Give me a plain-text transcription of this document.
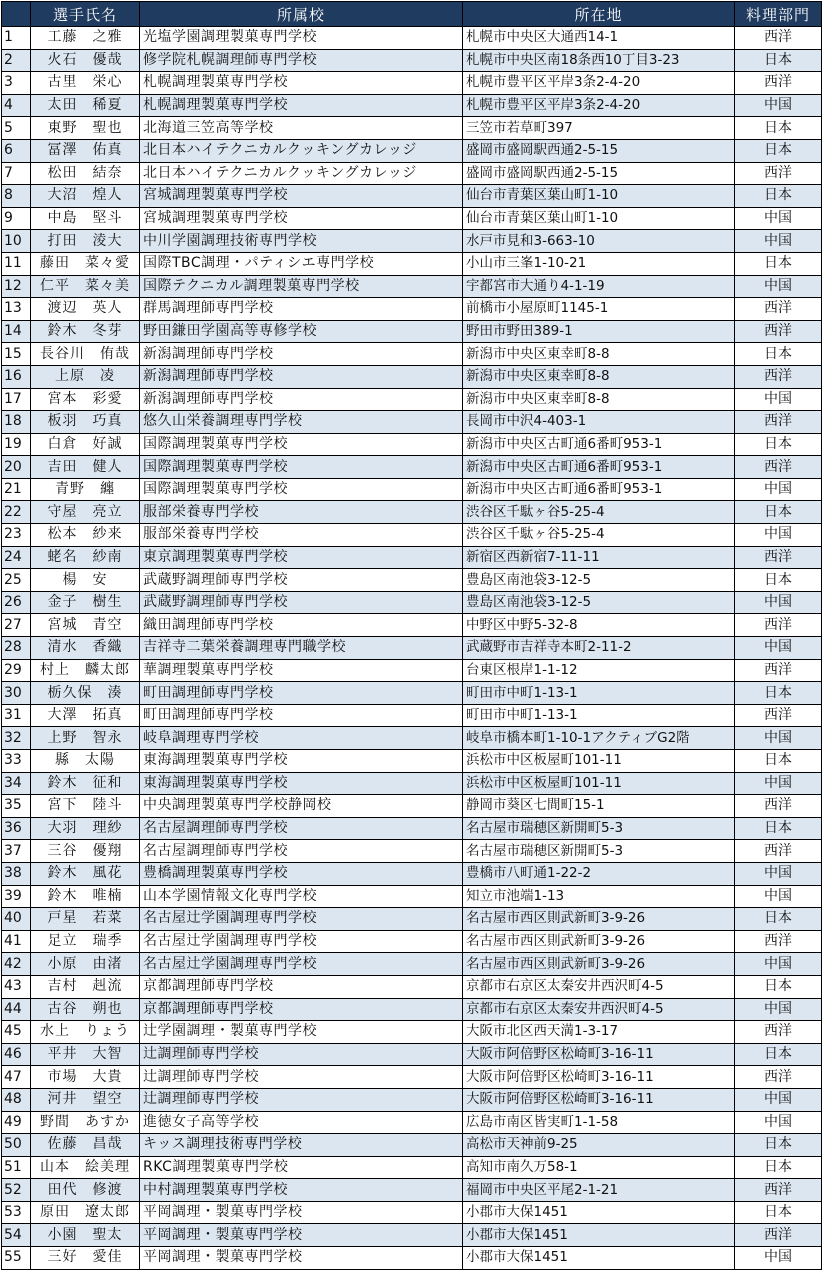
	選手氏名	所属校	所在地	料理部門
1	工藤　之雅	光塩学園調理製菓専門学校	札幌市中央区大通西14-1	西洋
2	火石　優哉	修学院札幌調理師専門学校	札幌市中央区南18条西10丁目3-23	日本
3	古里　栄心	札幌調理製菓専門学校	札幌市豊平区平岸3条2-4-20	西洋
4	太田　稀夏	札幌調理製菓専門学校	札幌市豊平区平岸3条2-4-20	中国
5	東野　聖也	北海道三笠高等学校	三笠市若草町397	日本
6	冨澤　佑真	北日本ハイテクニカルクッキングカレッジ	盛岡市盛岡駅西通2-5-15	日本
7	松田　結奈	北日本ハイテクニカルクッキングカレッジ	盛岡市盛岡駅西通2-5-15	西洋
8	大沼　煌人	宮城調理製菓専門学校	仙台市青葉区葉山町1-10	日本
9	中島　堅斗	宮城調理製菓専門学校	仙台市青葉区葉山町1-10	中国
10	打田　淩大	中川学園調理技術専門学校	水戸市見和3-663-10	中国
11	藤田　菜々愛	国際TBC調理・パティシエ専門学校	小山市三峯1-10-21	日本
12	仁平　菜々美	国際テクニカル調理製菓専門学校	宇都宮市大通り4-1-19	中国
13	渡辺　英人	群馬調理師専門学校	前橋市小屋原町1145-1	西洋
14	鈴木　冬芽	野田鎌田学園高等専修学校	野田市野田389-1	西洋
15	長谷川　侑哉	新潟調理師専門学校	新潟市中央区東幸町8-8	日本
16	上原　凌	新潟調理師専門学校	新潟市中央区東幸町8-8	西洋
17	宮本　彩愛	新潟調理師専門学校	新潟市中央区東幸町8-8	中国
18	板羽　巧真	悠久山栄養調理専門学校	長岡市中沢4-403-1	西洋
19	白倉　好誠	国際調理製菓専門学校	新潟市中央区古町通6番町953-1	日本
20	吉田　健人	国際調理製菓専門学校	新潟市中央区古町通6番町953-1	西洋
21	青野　纏	国際調理製菓専門学校	新潟市中央区古町通6番町953-1	中国
22	守屋　亮立	服部栄養専門学校	渋谷区千駄ヶ谷5-25-4	日本
23	松本　紗来	服部栄養専門学校	渋谷区千駄ヶ谷5-25-4	中国
24	蛯名　紗南	東京調理製菓専門学校	新宿区西新宿7-11-11	西洋
25	楊　安	武蔵野調理師専門学校	豊島区南池袋3-12-5	日本
26	金子　樹生	武蔵野調理師専門学校	豊島区南池袋3-12-5	中国
27	宮城　青空	織田調理師専門学校	中野区中野5-32-8	西洋
28	清水　香織	吉祥寺二葉栄養調理専門職学校	武蔵野市吉祥寺本町2-11-2	中国
29	村上　麟太郎	華調理製菓専門学校	台東区根岸1-1-12	西洋
30	栃久保　湊	町田調理師専門学校	町田市中町1-13-1	日本
31	大澤　拓真	町田調理師専門学校	町田市中町1-13-1	西洋
32	上野　智永	岐阜調理専門学校	岐阜市橋本町1-10-1アクティブG2階	中国
33	縣　太陽	東海調理製菓専門学校	浜松市中区板屋町101-11	日本
34	鈴木　征和	東海調理製菓専門学校	浜松市中区板屋町101-11	中国
35	宮下　陸斗	中央調理製菓専門学校静岡校	静岡市葵区七間町15-1	西洋
36	大羽　理紗	名古屋調理師専門学校	名古屋市瑞穂区新開町5-3	日本
37	三谷　優翔	名古屋調理師専門学校	名古屋市瑞穂区新開町5-3	西洋
38	鈴木　風花	豊橋調理製菓専門学校	豊橋市八町通1-22-2	中国
39	鈴木　唯楠	山本学園情報文化専門学校	知立市池端1-13	中国
40	戸星　若菜	名古屋辻学園調理専門学校	名古屋市西区則武新町3-9-26	日本
41	足立　瑞季	名古屋辻学園調理専門学校	名古屋市西区則武新町3-9-26	西洋
42	小原　由渚	名古屋辻学園調理専門学校	名古屋市西区則武新町3-9-26	中国
43	吉村　赳流	京都調理師専門学校	京都市右京区太秦安井西沢町4-5	日本
44	古谷　朔也	京都調理師専門学校	京都市右京区太秦安井西沢町4-5	中国
45	水上　りょう	辻学園調理・製菓専門学校	大阪市北区西天満1-3-17	西洋
46	平井　大智	辻調理師専門学校	大阪市阿倍野区松崎町3-16-11	日本
47	市場　大貴	辻調理師専門学校	大阪市阿倍野区松崎町3-16-11	西洋
48	河井　望空	辻調理師専門学校	大阪市阿倍野区松崎町3-16-11	中国
49	野間　あすか	進徳女子高等学校	広島市南区皆実町1-1-58	中国
50	佐藤　昌哉	キッス調理技術専門学校	高松市天神前9-25	日本
51	山本　絵美理	RKC調理製菓専門学校	高知市南久万58-1	日本
52	田代　修渡	中村調理製菓専門学校	福岡市中央区平尾2-1-21	西洋
53	原田　遼太郎	平岡調理・製菓専門学校	小郡市大保1451	日本
54	小園　聖太	平岡調理・製菓専門学校	小郡市大保1451	西洋
55	三好　愛佳	平岡調理・製菓専門学校	小郡市大保1451	中国
